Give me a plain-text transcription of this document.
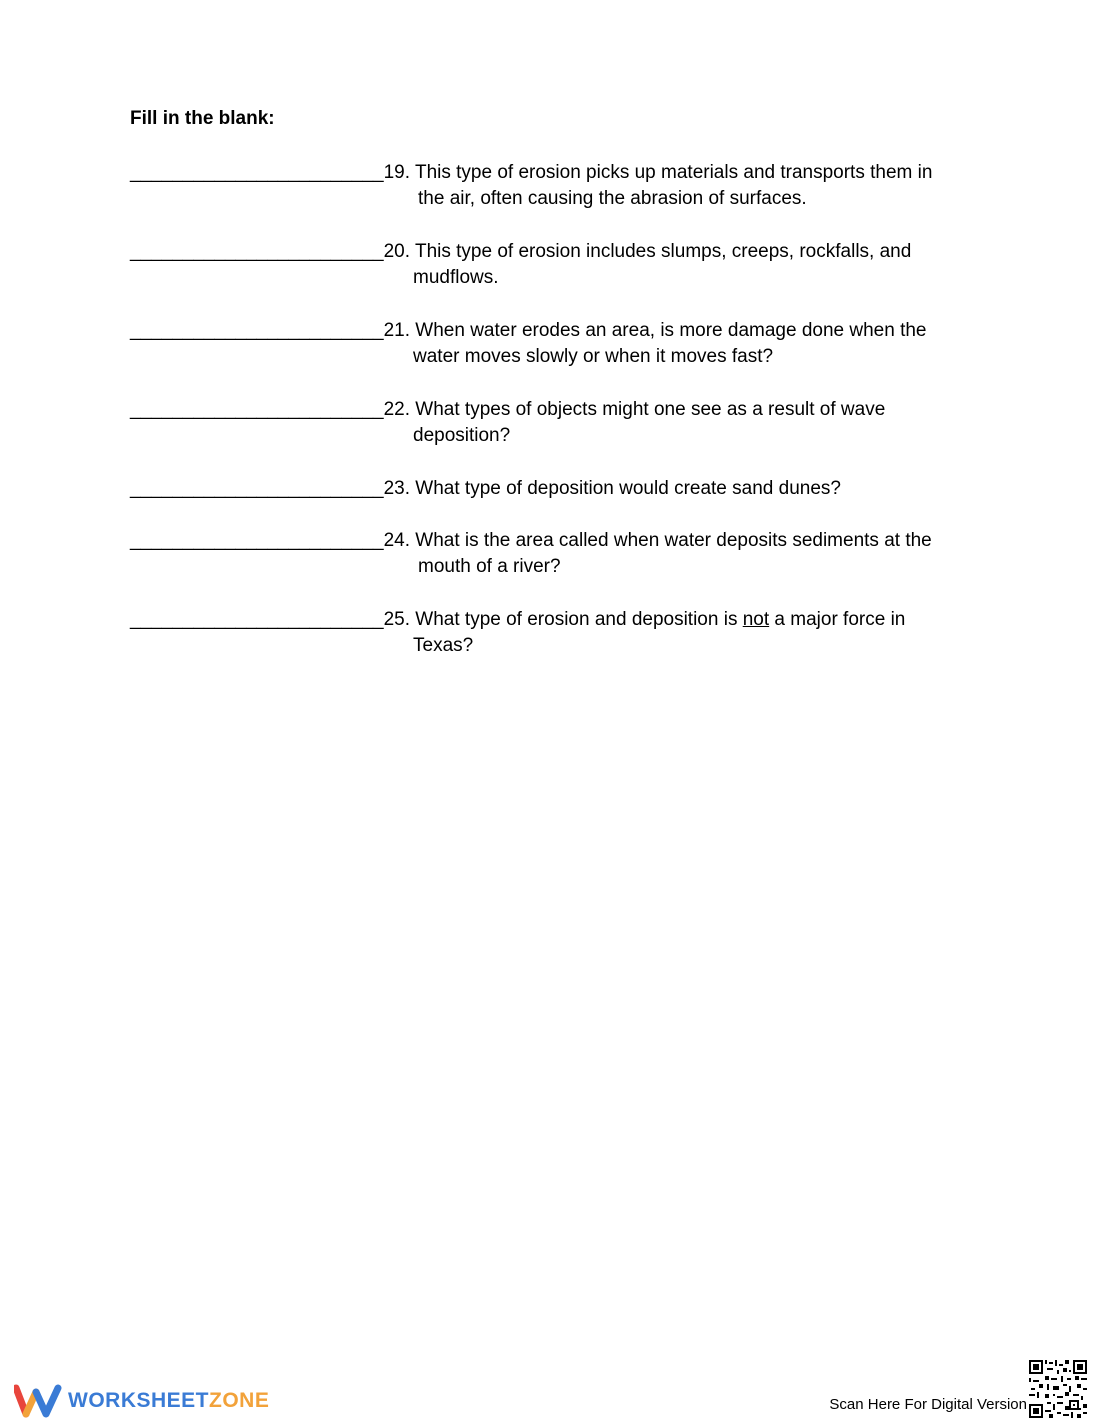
Fill in the blank:
________________________19. This type of erosion picks up materials and transports them in
the air, often causing the abrasion of surfaces.
________________________20. This type of erosion includes slumps, creeps, rockfalls, and
mudflows.
________________________21. When water erodes an area, is more damage done when the
water moves slowly or when it moves fast?
________________________22. What types of objects might one see as a result of wave
deposition?
________________________23. What type of deposition would create sand dunes?
________________________24. What is the area called when water deposits sediments at the
mouth of a river?
________________________25. What type of erosion and deposition is not a major force in
Texas?
WORKSHEETZONE	Scan Here For Digital Version
